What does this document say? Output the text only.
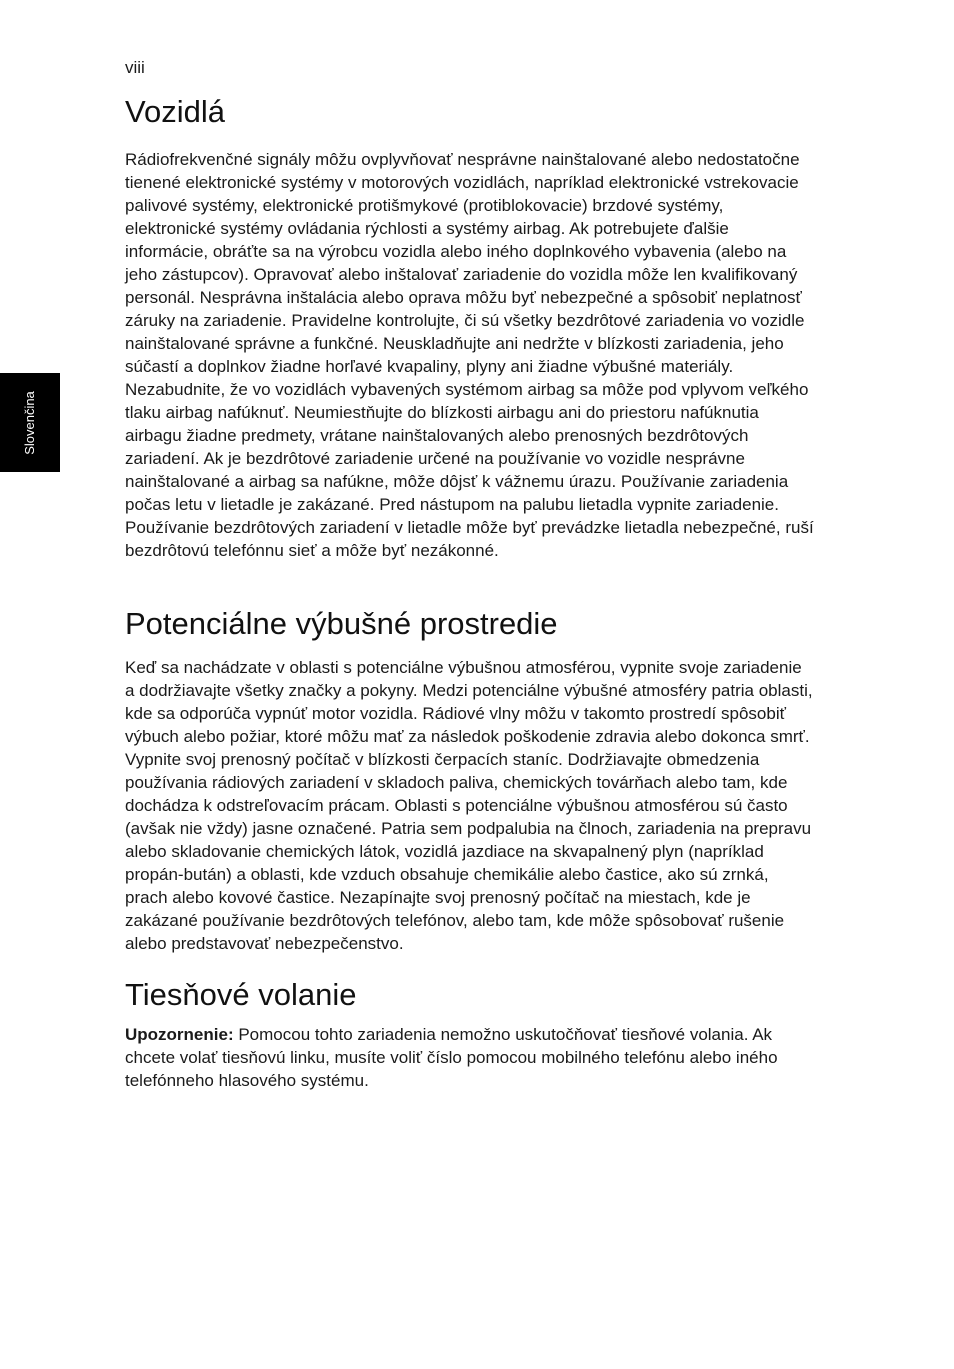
viii
Slovenčina
Vozidlá

Rádiofrekvenčné signály môžu ovplyvňovať nesprávne nainštalované alebo nedostatočne tienené elektronické systémy v motorových vozidlách, napríklad elektronické vstrekovacie palivové systémy, elektronické protišmykové (protiblokovacie) brzdové systémy, elektronické systémy ovládania rýchlosti a systémy airbag. Ak potrebujete ďalšie informácie, obráťte sa na výrobcu vozidla alebo iného doplnkového vybavenia (alebo na jeho zástupcov). Opravovať alebo inštalovať zariadenie do vozidla môže len kvalifikovaný personál. Nesprávna inštalácia alebo oprava môžu byť nebezpečné a spôsobiť neplatnosť záruky na zariadenie. Pravidelne kontrolujte, či sú všetky bezdrôtové zariadenia vo vozidle nainštalované správne a funkčné. Neuskladňujte ani nedržte v blízkosti zariadenia, jeho súčastí a doplnkov žiadne horľavé kvapaliny, plyny ani žiadne výbušné materiály. Nezabudnite, že vo vozidlách vybavených systémom airbag sa môže pod vplyvom veľkého tlaku airbag nafúknuť. Neumiestňujte do blízkosti airbagu ani do priestoru nafúknutia airbagu žiadne predmety, vrátane nainštalovaných alebo prenosných bezdrôtových zariadení. Ak je bezdrôtové zariadenie určené na používanie vo vozidle nesprávne nainštalované a airbag sa nafúkne, môže dôjsť k vážnemu úrazu. Používanie zariadenia počas letu v lietadle je zakázané. Pred nástupom na palubu lietadla vypnite zariadenie. Používanie bezdrôtových zariadení v lietadle môže byť prevádzke lietadla nebezpečné, ruší bezdrôtovú telefónnu sieť a môže byť nezákonné.

Potenciálne výbušné prostredie

Keď sa nachádzate v oblasti s potenciálne výbušnou atmosférou, vypnite svoje zariadenie a dodržiavajte všetky značky a pokyny. Medzi potenciálne výbušné atmosféry patria oblasti, kde sa odporúča vypnúť motor vozidla. Rádiové vlny môžu v takomto prostredí spôsobiť výbuch alebo požiar, ktoré môžu mať za následok poškodenie zdravia alebo dokonca smrť. Vypnite svoj prenosný počítač v blízkosti čerpacích staníc. Dodržiavajte obmedzenia používania rádiových zariadení v skladoch paliva, chemických továrňach alebo tam, kde dochádza k odstreľovacím prácam. Oblasti s potenciálne výbušnou atmosférou sú často (avšak nie vždy) jasne označené. Patria sem podpalubia na člnoch, zariadenia na prepravu alebo skladovanie chemických látok, vozidlá jazdiace na skvapalnený plyn (napríklad propán-bután) a oblasti, kde vzduch obsahuje chemikálie alebo častice, ako sú zrnká, prach alebo kovové častice. Nezapínajte svoj prenosný počítač na miestach, kde je zakázané používanie bezdrôtových telefónov, alebo tam, kde môže spôsobovať rušenie alebo predstavovať nebezpečenstvo.

Tiesňové volanie

Upozornenie: Pomocou tohto zariadenia nemožno uskutočňovať tiesňové volania. Ak chcete volať tiesňovú linku, musíte voliť číslo pomocou mobilného telefónu alebo iného telefónneho hlasového systému.
